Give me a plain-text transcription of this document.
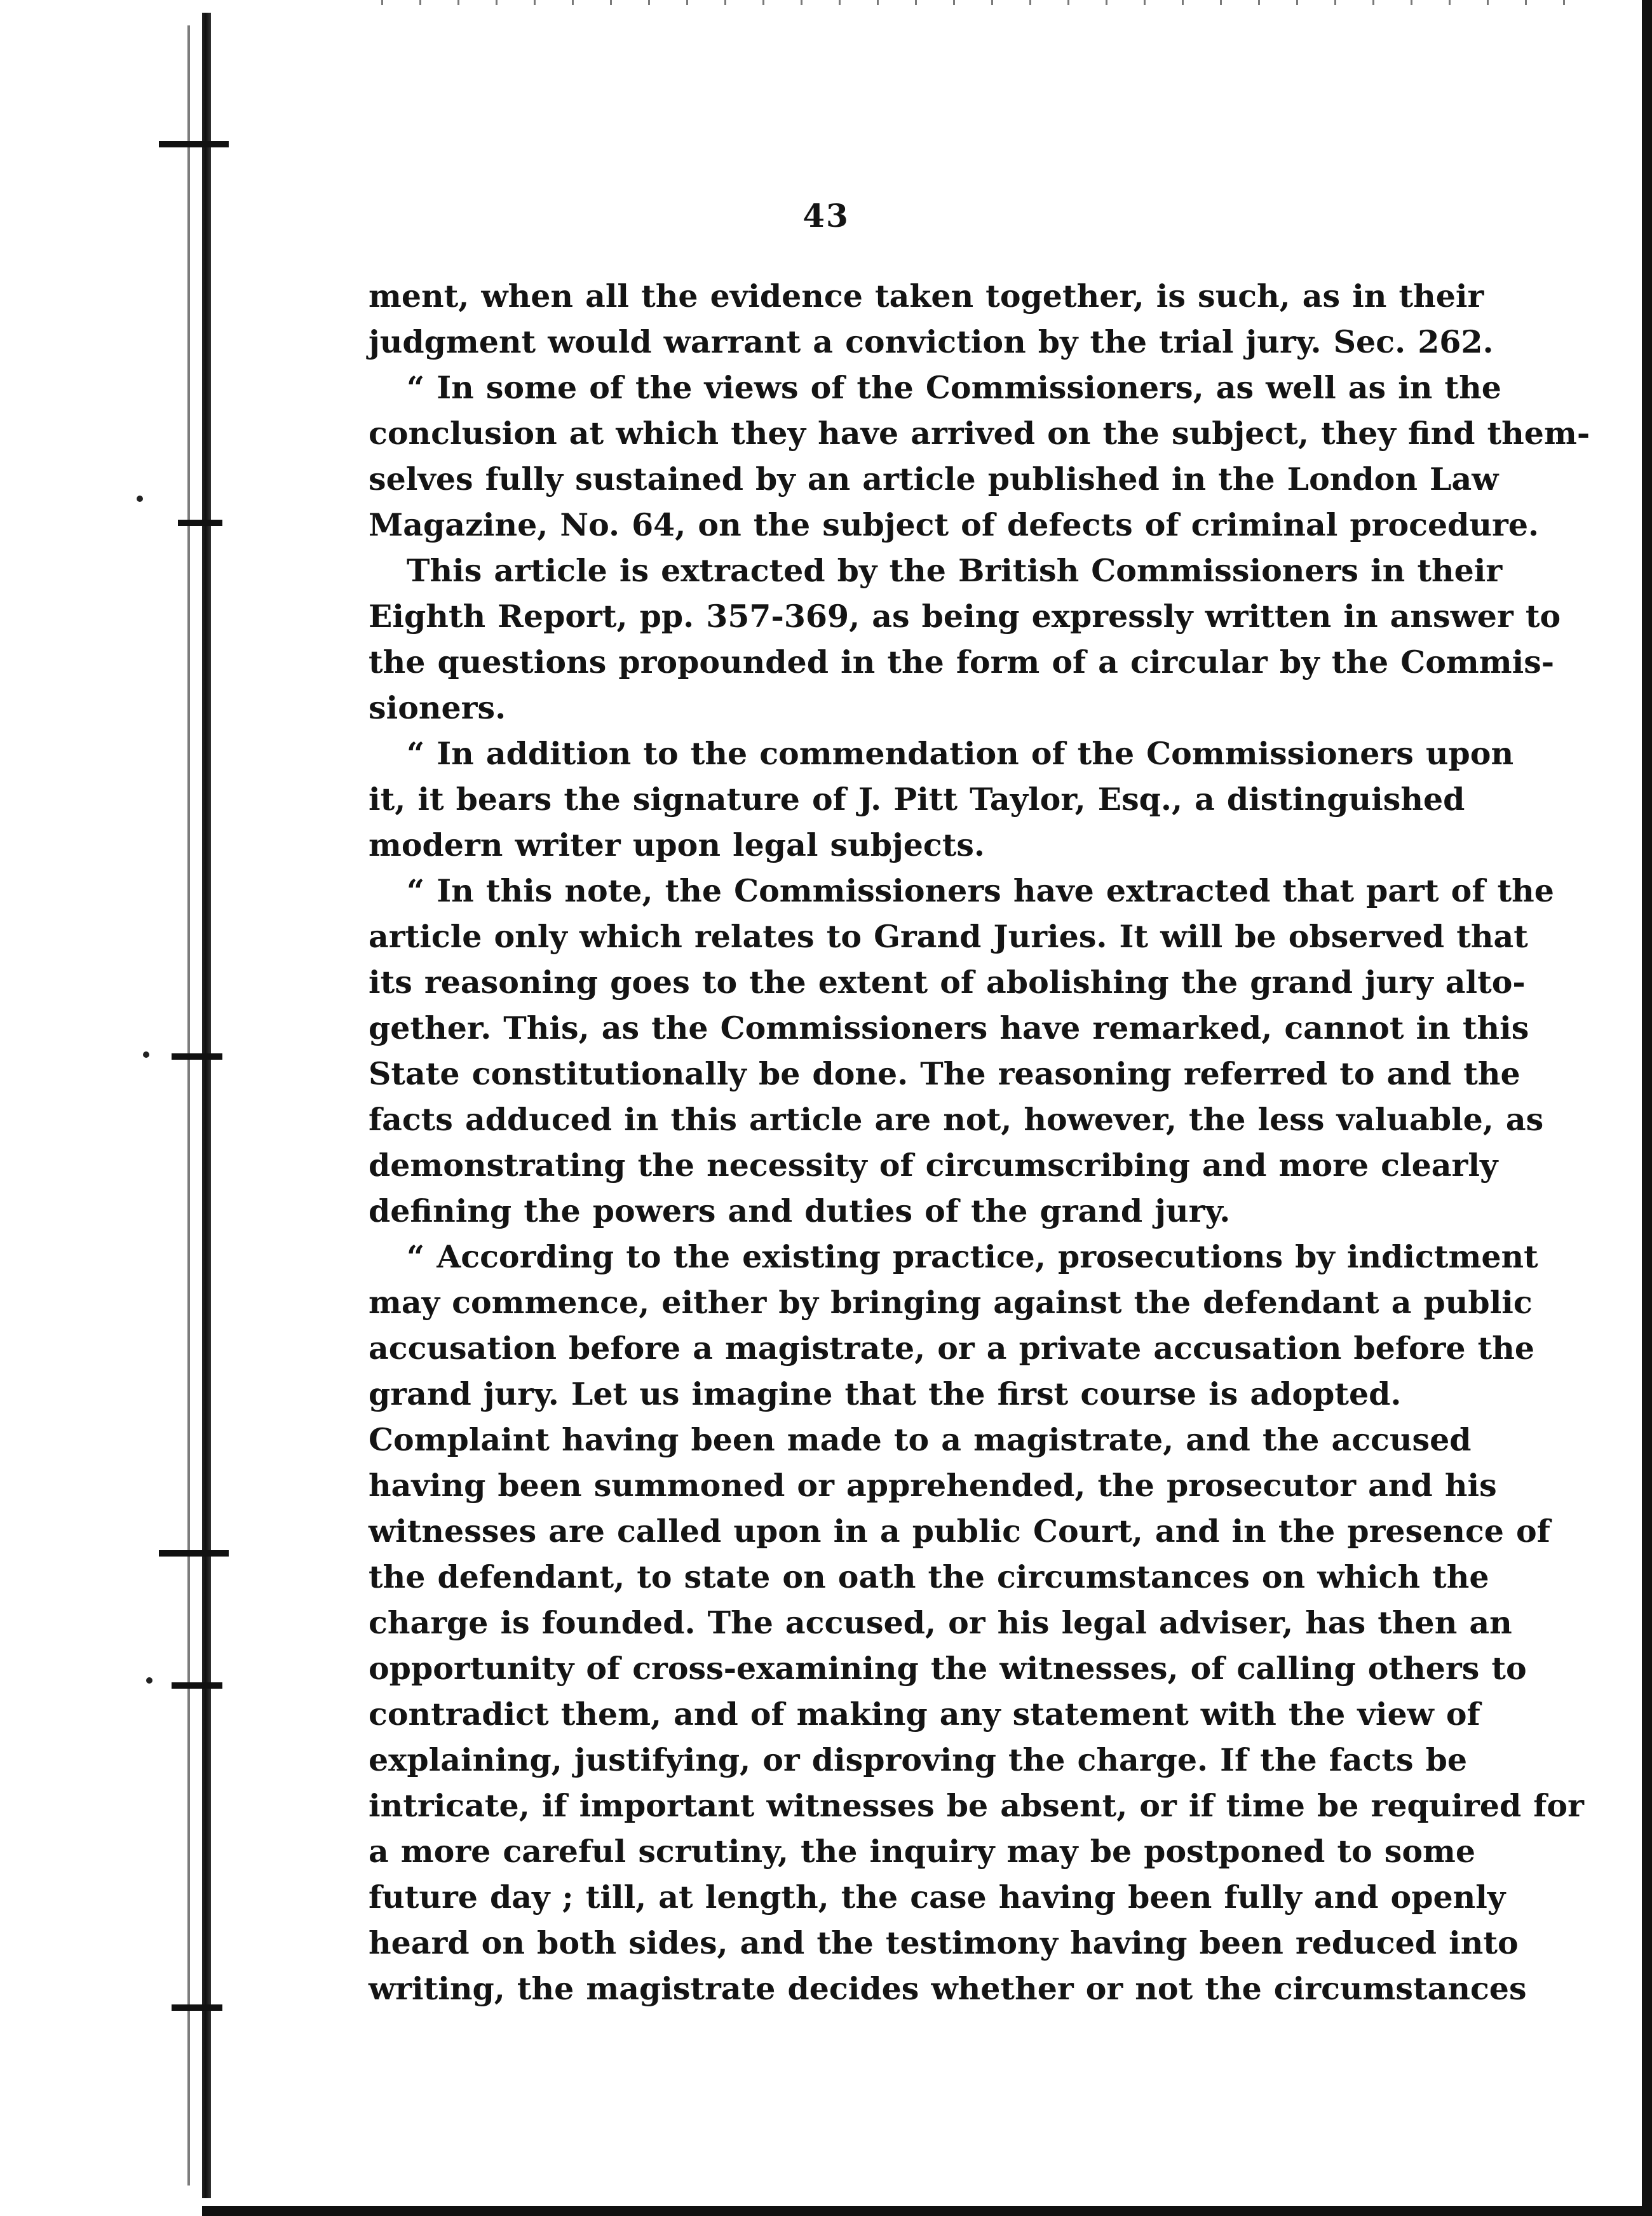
43
ment, when all the evidence taken together, is such, as in their
judgment would warrant a conviction by the trial jury. Sec. 262.
“ In some of the views of the Commissioners, as well as in the
conclusion at which they have arrived on the subject, they find them-
selves fully sustained by an article published in the London Law
Magazine, No. 64, on the subject of defects of criminal procedure.
This article is extracted by the British Commissioners in their
Eighth Report, pp. 357-369, as being expressly written in answer to
the questions propounded in the form of a circular by the Commis-
sioners.
“ In addition to the commendation of the Commissioners upon
it, it bears the signature of J. Pitt Taylor, Esq., a distinguished
modern writer upon legal subjects.
“ In this note, the Commissioners have extracted that part of the
article only which relates to Grand Juries. It will be observed that
its reasoning goes to the extent of abolishing the grand jury alto-
gether. This, as the Commissioners have remarked, cannot in this
State constitutionally be done. The reasoning referred to and the
facts adduced in this article are not, however, the less valuable, as
demonstrating the necessity of circumscribing and more clearly
defining the powers and duties of the grand jury.
“ According to the existing practice, prosecutions by indictment
may commence, either by bringing against the defendant a public
accusation before a magistrate, or a private accusation before the
grand jury. Let us imagine that the first course is adopted.
Complaint having been made to a magistrate, and the accused
having been summoned or apprehended, the prosecutor and his
witnesses are called upon in a public Court, and in the presence of
the defendant, to state on oath the circumstances on which the
charge is founded. The accused, or his legal adviser, has then an
opportunity of cross-examining the witnesses, of calling others to
contradict them, and of making any statement with the view of
explaining, justifying, or disproving the charge. If the facts be
intricate, if important witnesses be absent, or if time be required for
a more careful scrutiny, the inquiry may be postponed to some
future day ; till, at length, the case having been fully and openly
heard on both sides, and the testimony having been reduced into
writing, the magistrate decides whether or not the circumstances
